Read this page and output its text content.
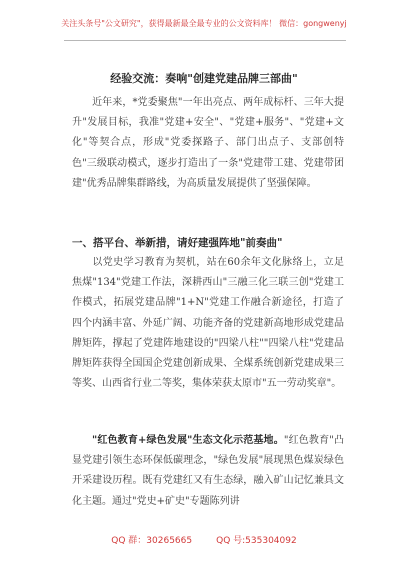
关注头条号"公文研究"，获得最新最全最专业的公文资料库！ 微信：gongwenyj
经验交流：奏响"创建党建品牌三部曲"

近年来，*党委聚焦"一年出亮点、两年成标杆、三年大提升"发展目标，我准"党建+安全"、"党建+服务"、"党建+文化"等契合点，形成"党委探路子、部门出点子、支部创特色"三级联动模式，逐步打造出了一条"党建带工建、党建带团建"优秀品牌集群路线，为高质量发展提供了坚强保障。

一、搭平台、举新措，请好建强阵地"前奏曲"

以党史学习教育为契机，站在60余年文化脉络上，立足焦煤"134"党建工作法，深耕西山"三融三化三联三创"党建工作模式，拓展党建品牌"1+N"党建工作融合新途径，打造了四个内涵丰富、外延广阔、功能齐备的党建新高地形成党建品牌矩阵，撑起了党建阵地建设的"四梁八柱""四梁八柱"党建品牌矩阵获得全国国企党建创新成果、全煤系统创新党建成果三等奖、山西省行业二等奖，集体荣获太原市"五一劳动奖章"。

"红色教育+绿色发展"生态文化示范基地。"红色教育"凸显党建引领生态环保低碳理念，"绿色发展"展现黑色煤炭绿色开采建设历程。既有党建红又有生态绿，融入矿山记忆兼具文化主题。通过"党史+矿史"专题陈列讲

QQ 群：30265665	QQ 号:535304092
